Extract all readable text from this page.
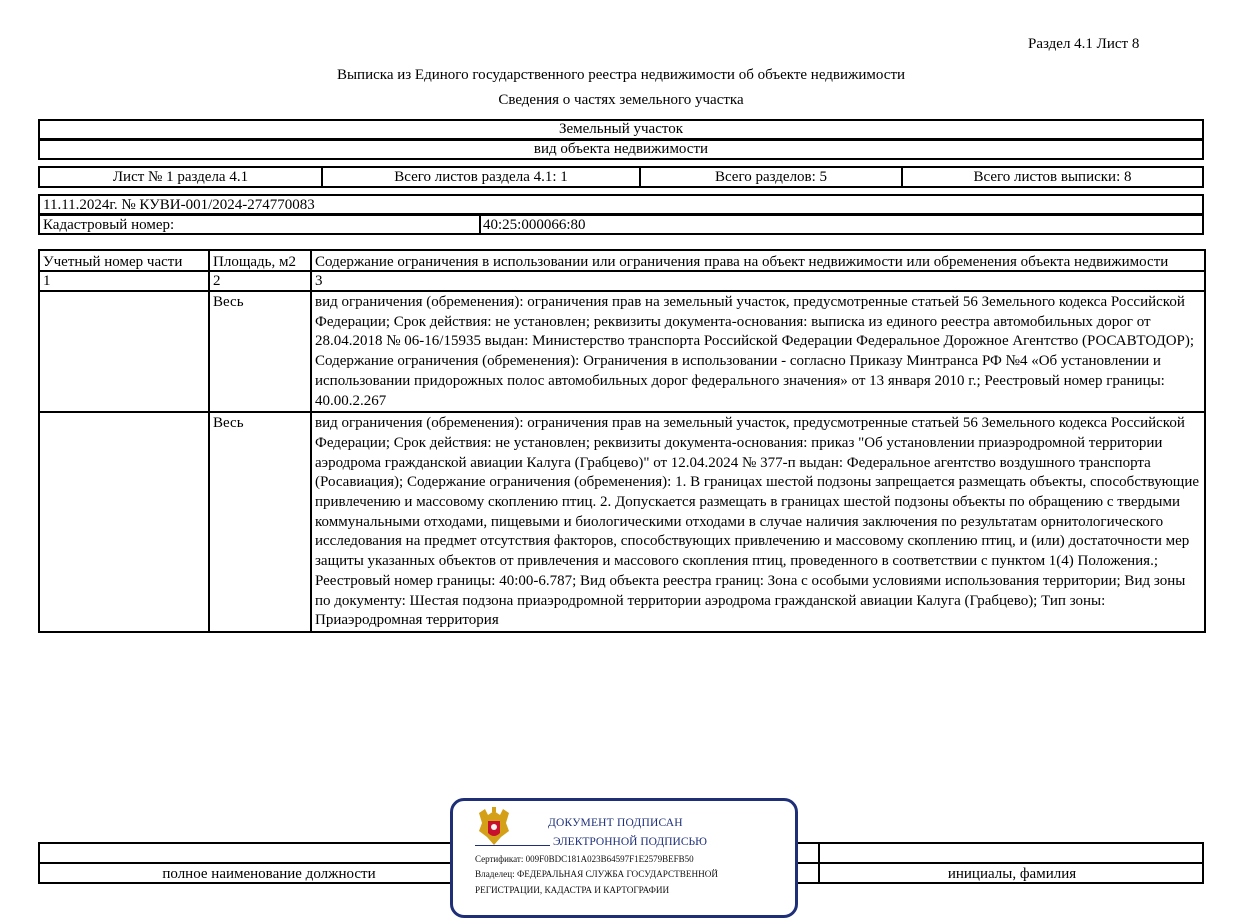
Раздел 4.1 Лист 8
Выписка из Единого государственного реестра недвижимости об объекте недвижимости
Сведения о частях земельного участка
Земельный участок
вид объекта недвижимости
Лист № 1 раздела 4.1	Всего листов раздела 4.1: 1	Всего разделов: 5	Всего листов выписки: 8
11.11.2024г. № КУВИ-001/2024-274770083
Кадастровый номер:	40:25:000066:80
Учетный номер части	Площадь, м2	Содержание ограничения в использовании или ограничения права на объект недвижимости или обременения объекта недвижимости
1	2	3
	Весь	вид ограничения (обременения): ограничения прав на земельный участок, предусмотренные статьей 56 Земельного кодекса Российской Федерации; Срок действия: не установлен; реквизиты документа-основания: выписка из единого реестра автомобильных дорог от 28.04.2018 № 06-16/15935 выдан: Министерство транспорта Российской Федерации Федеральное Дорожное Агентство (РОСАВТОДОР); Содержание ограничения (обременения): Ограничения в использовании - согласно Приказу Минтранса РФ №4 «Об установлении и использовании придорожных полос автомобильных дорог федерального значения» от 13 января 2010 г.; Реестровый номер границы: 40.00.2.267
	Весь	вид ограничения (обременения): ограничения прав на земельный участок, предусмотренные статьей 56 Земельного кодекса Российской Федерации; Срок действия: не установлен; реквизиты документа-основания: приказ "Об установлении приаэродромной территории аэродрома гражданской авиации Калуга (Грабцево)" от 12.04.2024 № 377-п выдан: Федеральное агентство воздушного транспорта (Росавиация); Содержание ограничения (обременения): 1. В границах шестой подзоны запрещается размещать объекты, способствующие привлечению и массовому скоплению птиц. 2. Допускается размещать в границах шестой подзоны объекты по обращению с твердыми коммунальными отходами, пищевыми и биологическими отходами в случае наличия заключения по результатам орнитологического исследования на предмет отсутствия факторов, способствующих привлечению и массовому скоплению птиц, и (или) достаточности мер защиты указанных объектов от привлечения и массового скопления птиц, проведенного в соответствии с пунктом 1(4) Положения.; Реестровый номер границы: 40:00-6.787; Вид объекта реестра границ: Зона с особыми условиями использования территории; Вид зоны по документу: Шестая подзона приаэродромной территории аэродрома гражданской авиации Калуга (Грабцево); Тип зоны: Приаэродромная территория
полное наименование должности	инициалы, фамилия
ДОКУМЕНТ ПОДПИСАН
ЭЛЕКТРОННОЙ ПОДПИСЬЮ
Сертификат: 009F0BDC181A023B64597F1E2579BEFB50
Владелец: ФЕДЕРАЛЬНАЯ СЛУЖБА ГОСУДАРСТВЕННОЙ
РЕГИСТРАЦИИ, КАДАСТРА И КАРТОГРАФИИ
